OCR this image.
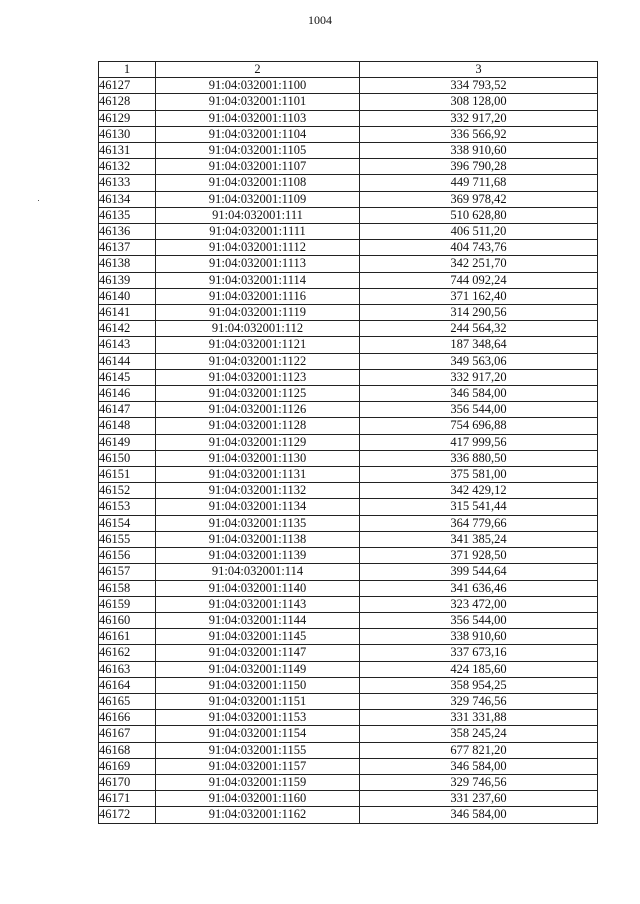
1004
1	2	3
46127	91:04:032001:1100	334 793,52
46128	91:04:032001:1101	308 128,00
46129	91:04:032001:1103	332 917,20
46130	91:04:032001:1104	336 566,92
46131	91:04:032001:1105	338 910,60
46132	91:04:032001:1107	396 790,28
46133	91:04:032001:1108	449 711,68
46134	91:04:032001:1109	369 978,42
46135	91:04:032001:111	510 628,80
46136	91:04:032001:1111	406 511,20
46137	91:04:032001:1112	404 743,76
46138	91:04:032001:1113	342 251,70
46139	91:04:032001:1114	744 092,24
46140	91:04:032001:1116	371 162,40
46141	91:04:032001:1119	314 290,56
46142	91:04:032001:112	244 564,32
46143	91:04:032001:1121	187 348,64
46144	91:04:032001:1122	349 563,06
46145	91:04:032001:1123	332 917,20
46146	91:04:032001:1125	346 584,00
46147	91:04:032001:1126	356 544,00
46148	91:04:032001:1128	754 696,88
46149	91:04:032001:1129	417 999,56
46150	91:04:032001:1130	336 880,50
46151	91:04:032001:1131	375 581,00
46152	91:04:032001:1132	342 429,12
46153	91:04:032001:1134	315 541,44
46154	91:04:032001:1135	364 779,66
46155	91:04:032001:1138	341 385,24
46156	91:04:032001:1139	371 928,50
46157	91:04:032001:114	399 544,64
46158	91:04:032001:1140	341 636,46
46159	91:04:032001:1143	323 472,00
46160	91:04:032001:1144	356 544,00
46161	91:04:032001:1145	338 910,60
46162	91:04:032001:1147	337 673,16
46163	91:04:032001:1149	424 185,60
46164	91:04:032001:1150	358 954,25
46165	91:04:032001:1151	329 746,56
46166	91:04:032001:1153	331 331,88
46167	91:04:032001:1154	358 245,24
46168	91:04:032001:1155	677 821,20
46169	91:04:032001:1157	346 584,00
46170	91:04:032001:1159	329 746,56
46171	91:04:032001:1160	331 237,60
46172	91:04:032001:1162	346 584,00
